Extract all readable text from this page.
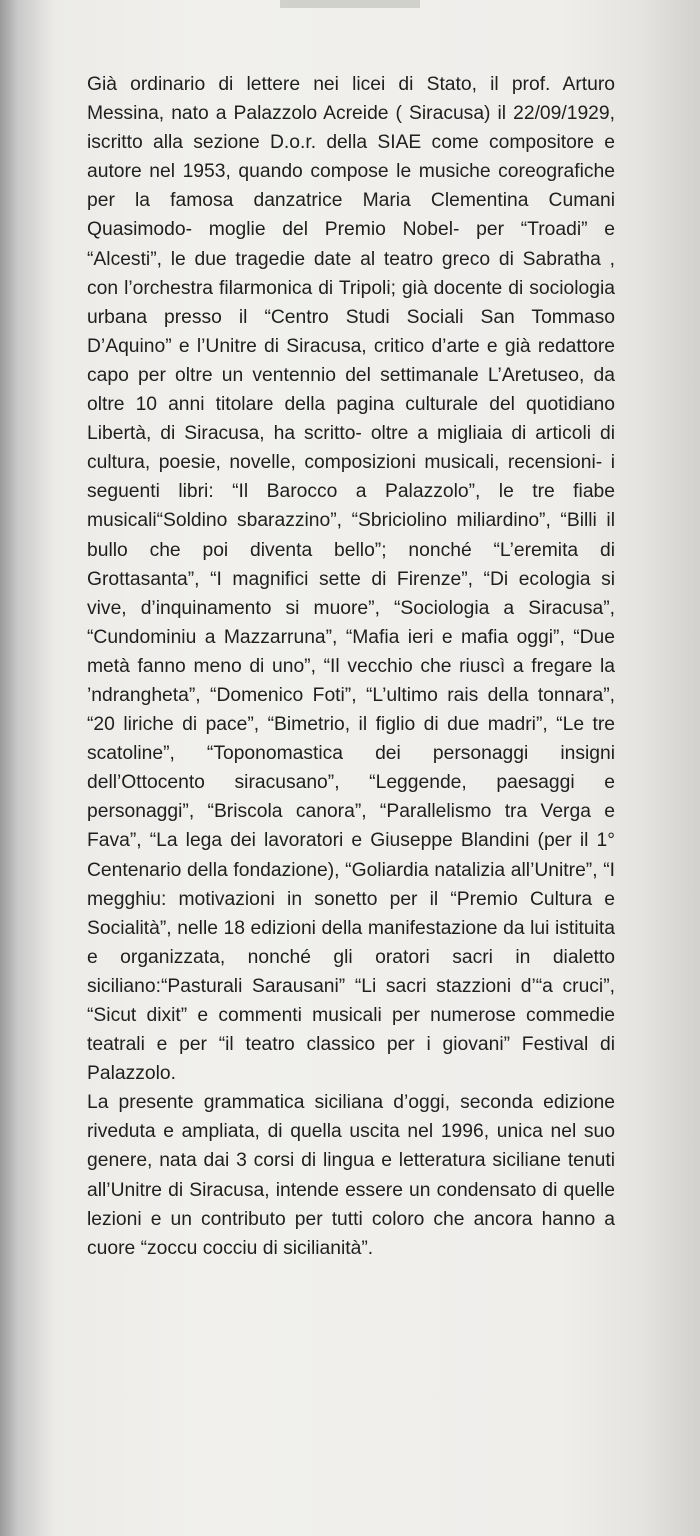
Già ordinario di lettere nei licei di Stato, il prof. Arturo Messina, nato a Palazzolo Acreide ( Siracusa) il 22/09/1929, iscritto alla sezione D.o.r. della SIAE come compositore e autore nel 1953, quando compose le musiche coreografiche per la famosa danzatrice Maria Clementina Cumani Quasimodo- moglie del Premio Nobel- per “Troadi” e “Alcesti”, le due tragedie date al teatro greco di Sabratha , con l’orchestra filarmonica di Tripoli; già docente di sociologia urbana presso il “Centro Studi Sociali San Tommaso D’Aquino” e l’Unitre di Siracusa, critico d’arte e già redattore capo per oltre un ventennio del settimanale L’Aretuseo, da oltre 10 anni titolare della pagina culturale del quotidiano Libertà, di Siracusa, ha scritto- oltre a migliaia di articoli di cultura, poesie, novelle, composizioni musicali, recensioni- i seguenti libri: “Il Barocco a Palazzolo”, le tre fiabe musicali“Soldino sbarazzino”, “Sbriciolino miliardino”, “Billi il bullo che poi diventa bello”; nonché “L’eremita di Grottasanta”, “I magnifici sette di Firenze”, “Di ecologia si vive, d’inquinamento si muore”, “Sociologia a Siracusa”, “Cundominiu a Mazzarruna”, “Mafia ieri e mafia oggi”, “Due metà fanno meno di uno”, “Il vecchio che riuscì a fregare la ’ndrangheta”, “Domenico Foti”, “L’ultimo rais della tonnara”, “20 liriche di pace”, “Bimetrio, il figlio di due madri”, “Le tre scatoline”, “Toponomastica dei personaggi insigni dell’Ottocento siracusano”, “Leggende, paesaggi e personaggi”, “Briscola canora”, “Parallelismo tra Verga e Fava”, “La lega dei lavoratori e Giuseppe Blandini (per il 1° Centenario della fondazione), “Goliardia natalizia all’Unitre”, “I megghiu: motivazioni in sonetto per il “Premio Cultura e Socialità”, nelle 18 edizioni della manifestazione da lui istituita e organizzata, nonché gli oratori sacri in dialetto siciliano:“Pasturali Sarausani” “Li sacri stazzioni d’“a cruci”, “Sicut dixit” e commenti musicali per numerose commedie teatrali e per “il teatro classico per i giovani” Festival di Palazzolo.

La presente grammatica siciliana d’oggi, seconda edizione riveduta e ampliata, di quella uscita nel 1996, unica nel suo genere, nata dai 3 corsi di lingua e letteratura siciliane tenuti all’Unitre di Siracusa, intende essere un condensato di quelle lezioni e un contributo per tutti coloro che ancora hanno a cuore “zoccu cocciu di sicilianità”.
